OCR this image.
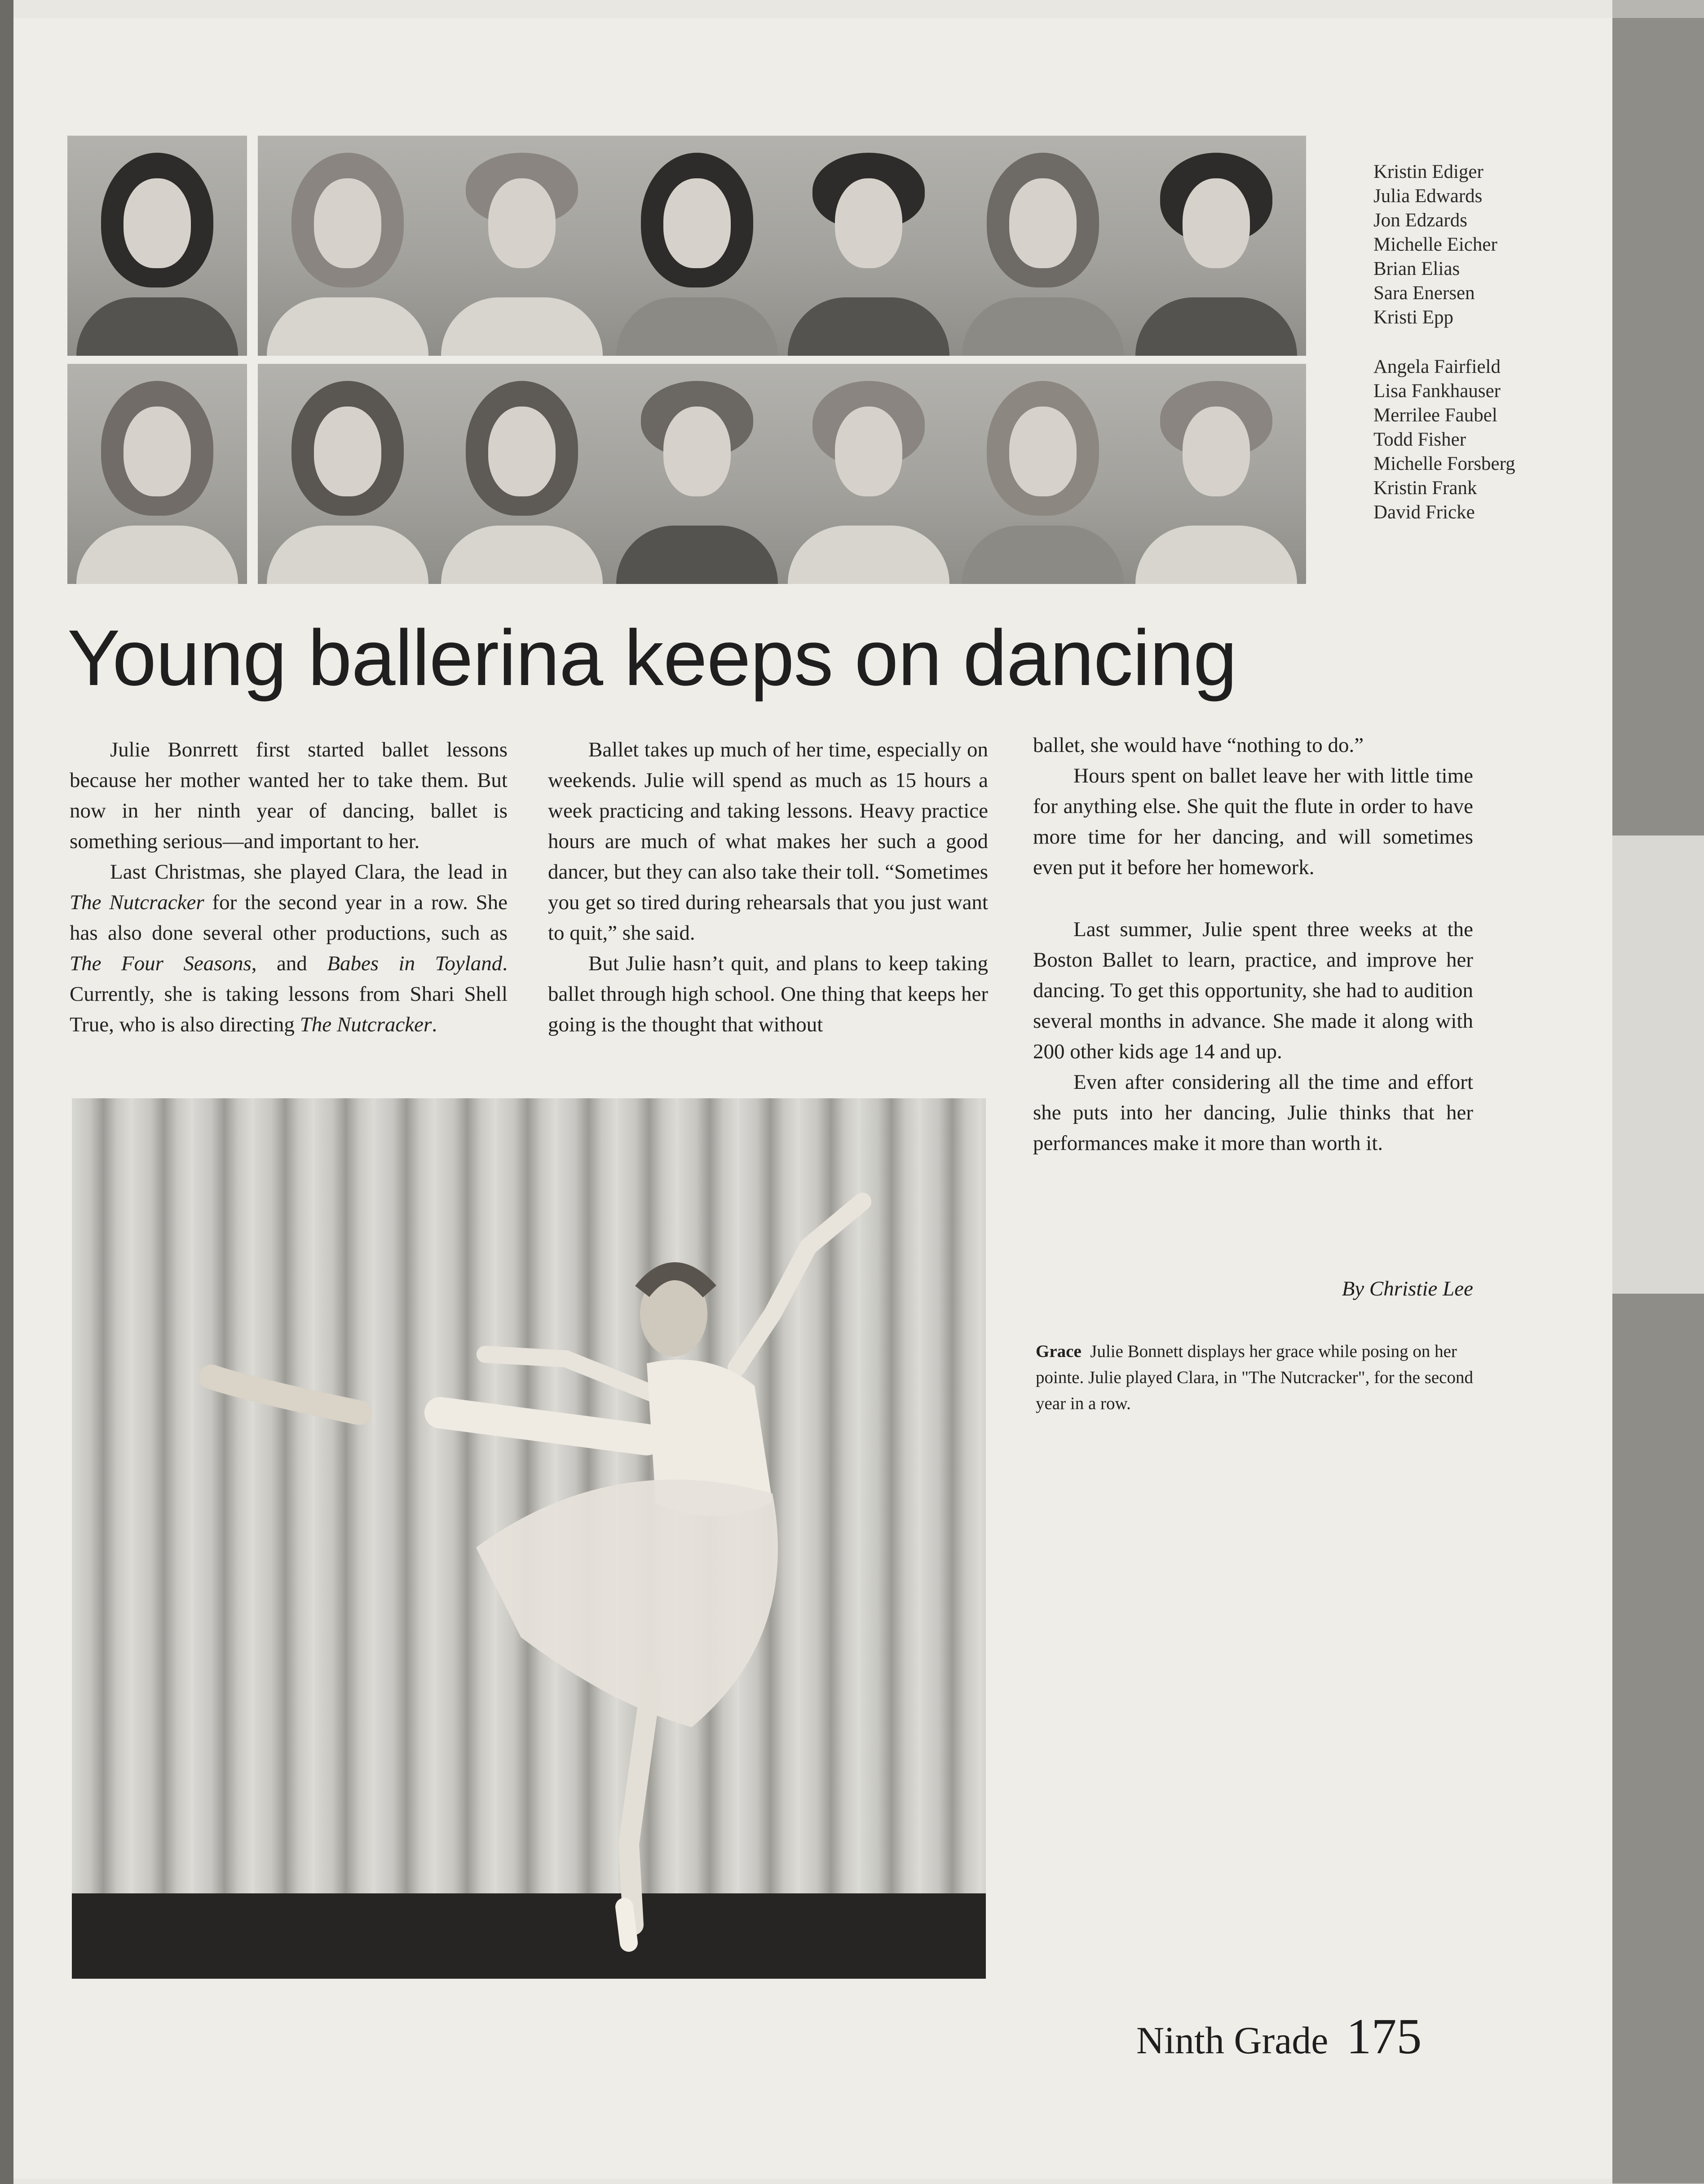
Kristin Ediger
Julia Edwards
Jon Edzards
Michelle Eicher
Brian Elias
Sara Enersen
Kristi Epp
Angela Fairfield
Lisa Fankhauser
Merrilee Faubel
Todd Fisher
Michelle Forsberg
Kristin Frank
David Fricke
Young ballerina keeps on dancing

Julie Bonrrett first started ballet lessons because her mother wanted her to take them. But now in her ninth year of dancing, ballet is something serious—and important to her.

Last Christmas, she played Clara, the lead in The Nutcracker for the second year in a row. She has also done several other productions, such as The Four Seasons, and Babes in Toyland. Currently, she is taking lessons from Shari Shell True, who is also directing The Nutcracker.

Ballet takes up much of her time, especially on weekends. Julie will spend as much as 15 hours a week practicing and taking lessons. Heavy practice hours are much of what makes her such a good dancer, but they can also take their toll. “Sometimes you get so tired during rehearsals that you just want to quit,” she said.

But Julie hasn’t quit, and plans to keep taking ballet through high school. One thing that keeps her going is the thought that without

ballet, she would have “nothing to do.”

Hours spent on ballet leave her with little time for anything else. She quit the flute in order to have more time for her dancing, and will sometimes even put it before her homework.

Last summer, Julie spent three weeks at the Boston Ballet to learn, practice, and improve her dancing. To get this opportunity, she had to audition several months in advance. She made it along with 200 other kids age 14 and up.

Even after considering all the time and effort she puts into her dancing, Julie thinks that her performances make it more than worth it.

By Christie Lee
Grace Julie Bonnett displays her grace while posing on her pointe. Julie played Clara, in "The Nutcracker", for the second year in a row.
Ninth Grade 175
